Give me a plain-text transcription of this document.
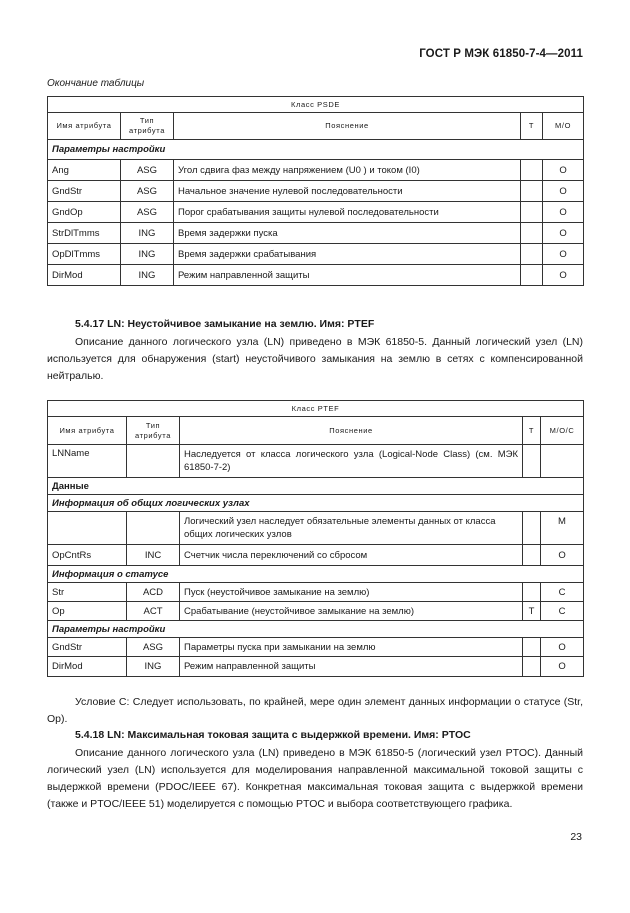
ГОСТ Р МЭК 61850-7-4—2011
Окончание таблицы
Класс PSDE				
Имя атрибута	Тип атрибута	Пояснение	T	M/O
Параметры настройки				
Ang	ASG	Угол сдвига фаз между напряжением (U0 ) и током (I0)		O
GndStr	ASG	Начальное значение нулевой последовательности		O
GndOp	ASG	Порог срабатывания защиты нулевой последовательности		O
StrDlTmms	ING	Время задержки пуска		O
OpDlTmms	ING	Время задержки срабатывания		O
DirMod	ING	Режим направленной защиты		O
5.4.17 LN: Неустойчивое замыкание на землю. Имя: PTEF
Описание данного логического узла (LN) приведено в МЭК 61850-5. Данный логический узел (LN) используется для обнаружения (start) неустойчивого замыкания на землю в сетях с компенсированной нейтралью.
Класс PTEF				
Имя атрибута	Тип атрибута	Пояснение	T	M/O/C
LNName		Наследуется от класса логического узла (Logical-Node Class) (см. МЭК 61850-7-2)		
Данные				
Информация об общих логических узлах				
		Логический узел наследует обязательные элементы данных от класса общих логических узлов		M
OpCntRs	INC	Счетчик числа переключений со сбросом		O
Информация о статусе				
Str	ACD	Пуск (неустойчивое замыкание на землю)		C
Op	ACT	Срабатывание (неустойчивое замыкание на землю)	T	C
Параметры настройки				
GndStr	ASG	Параметры пуска при замыкании на землю		O
DirMod	ING	Режим направленной защиты		O
Условие С: Следует использовать, по крайней, мере один элемент данных информации о статусе (Str, Op).
5.4.18 LN: Максимальная токовая защита с выдержкой времени. Имя: PTOC
Описание данного логического узла (LN) приведено в МЭК 61850-5 (логический узел PTOC). Данный логический узел (LN) используется для моделирования направленной максимальной токовой защиты с выдержкой времени (PDOC/IEEE 67). Конкретная максимальная токовая защита с выдержкой времени (также и PTOC/IEEE 51) моделируется с помощью PTOC и выбора соответствующего графика.
23
